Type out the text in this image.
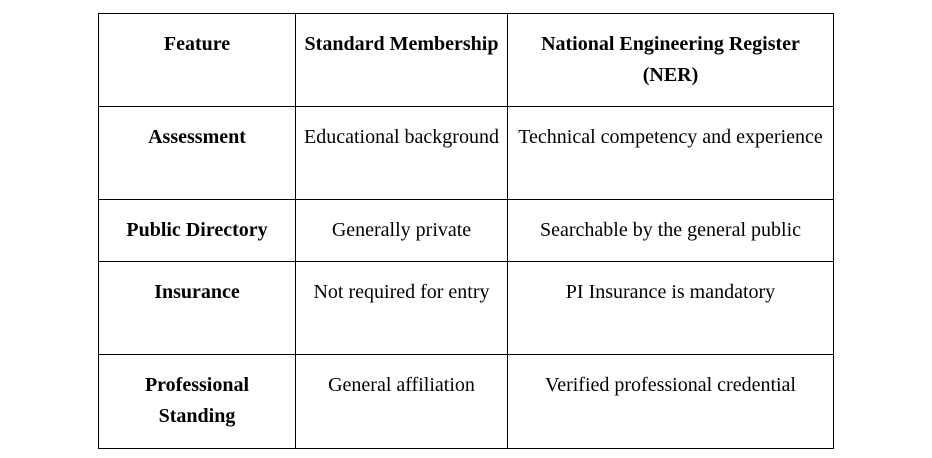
Feature	Standard Membership	National Engineering Register (NER)
Assessment	Educational background	Technical competency and experience
Public Directory	Generally private	Searchable by the general public
Insurance	Not required for entry	PI Insurance is mandatory
Professional Standing	General affiliation	Verified professional credential
